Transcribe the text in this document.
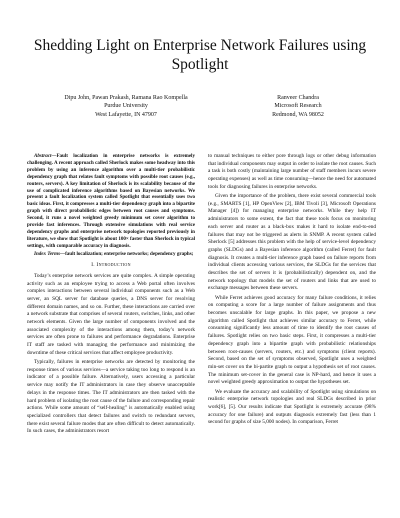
Shedding Light on Enterprise Network Failures using Spotlight
Dipu John, Pawan Prakash, Ramana Rao Kompella
Purdue University
West Lafayette, IN 47907
Ranveer Chandra
Microsoft Research
Redmond, WA 98052

Abstract—Fault localization in enterprise networks is extremely challenging. A recent approach called Sherlock makes some headway into this problem by using an inference algorithm over a multi-tier probabilistic dependency graph that relates fault symptoms with possible root causes (e.g., routers, servers). A key limitation of Sherlock is its scalability because of the use of complicated inference algorithms based on Bayesian networks. We present a fault localization system called Spotlight that essentially uses two basic ideas. First, it compresses a multi-tier dependency graph into a bipartite graph with direct probabilistic edges between root causes and symptoms. Second, it runs a novel weighted greedy minimum set cover algorithm to provide fast inferences. Through extensive simulations with real service dependency graphs and enterprise network topologies reported previously in literature, we show that Spotlight is about 100× faster than Sherlock in typical settings, with comparable accuracy in diagnosis.

Index Terms—fault localization; enterprise networks; dependency graphs;

I. Introduction

Today’s enterprise network services are quite complex. A simple operating activity such as an employee trying to access a Web portal often involves complex interactions between several individual components such as a Web server, an SQL server for database queries, a DNS server for resolving different domain names, and so on. Further, these interactions are carried over a network substrate that comprises of several routers, switches, links, and other network elements. Given the large number of components involved and the associated complexity of the interactions among them, today’s network services are often prone to failures and performance degradations. Enterprise IT staff are tasked with managing the performance and minimizing the downtime of these critical services that affect employee productivity.

Typically, failures in enterprise networks are detected by monitoring the response times of various services—a service taking too long to respond is an indicator of a possible failure. Alternatively, users accessing a particular service may notify the IT administrators in case they observe unacceptable delays in the response times. The IT administrators are then tasked with the hard problem of isolating the root cause of the failure and corresponding repair actions. While some amount of “self-healing” is automatically enabled using specialized controllers that detect failures and switch to redundant servers, there exist several failure modes that are often difficult to detect automatically. In such cases, the administrators resort

to manual techniques to either pore through logs or other debug information that individual components may output in order to isolate the root causes. Such a task is both costly (maintaining large number of staff members incurs severe operating expenses) as well as time consuming—hence the need for automated tools for diagnosing failures in enterprise networks.

Given the importance of the problem, there exist several commercial tools (e.g., SMARTS [1], HP OpenView [2], IBM Tivoli [3], Microsoft Operations Manager [4]) for managing enterprise networks. While they help IT administrators to some extent, the fact that these tools focus on monitoring each server and router as a black-box makes it hard to isolate end-to-end failures that may not be triggered as alerts in SNMP. A recent system called Sherlock [5] addresses this problem with the help of service-level dependency graphs (SLDGs) and a Bayesian inference algorithm (called Ferret) for fault diagnosis. It creates a multi-tier inference graph based on failure reports from individual clients accessing various services, the SLDGs for the services that describes the set of servers it is (probabilistically) dependent on, and the network topology that models the set of routers and links that are used to exchange messages between these servers.

While Ferret achieves good accuracy for many failure conditions, it relies on computing a score for a large number of failure assignments and thus becomes unscalable for large graphs. In this paper, we propose a new algorithm called Spotlight that achieves similar accuracy to Ferret, while consuming significantly less amount of time to identify the root causes of failures. Spotlight relies on two basic steps. First, it compresses a multi-tier dependency graph into a bipartite graph with probabilistic relationships between root-causes (servers, routers, etc.) and symptoms (client reports). Second, based on the set of symptoms observed, Spotlight uses a weighted min-set cover on the bi-partite graph to output a hypothesis set of root causes. The minimum set-cover in the general case is NP-hard, and hence it uses a novel weighted greedy approximation to output the hypotheses set.

We evaluate the accuracy and scalability of Spotlight using simulations on realistic enterprise network topologies and real SLDGs described in prior work[6], [5]. Our results indicate that Spotlight is extremely accurate (98% accuracy for one failure) and outputs diagnosis extremely fast (less than 1 second for graphs of size 5,000 nodes). In comparison, Ferret
